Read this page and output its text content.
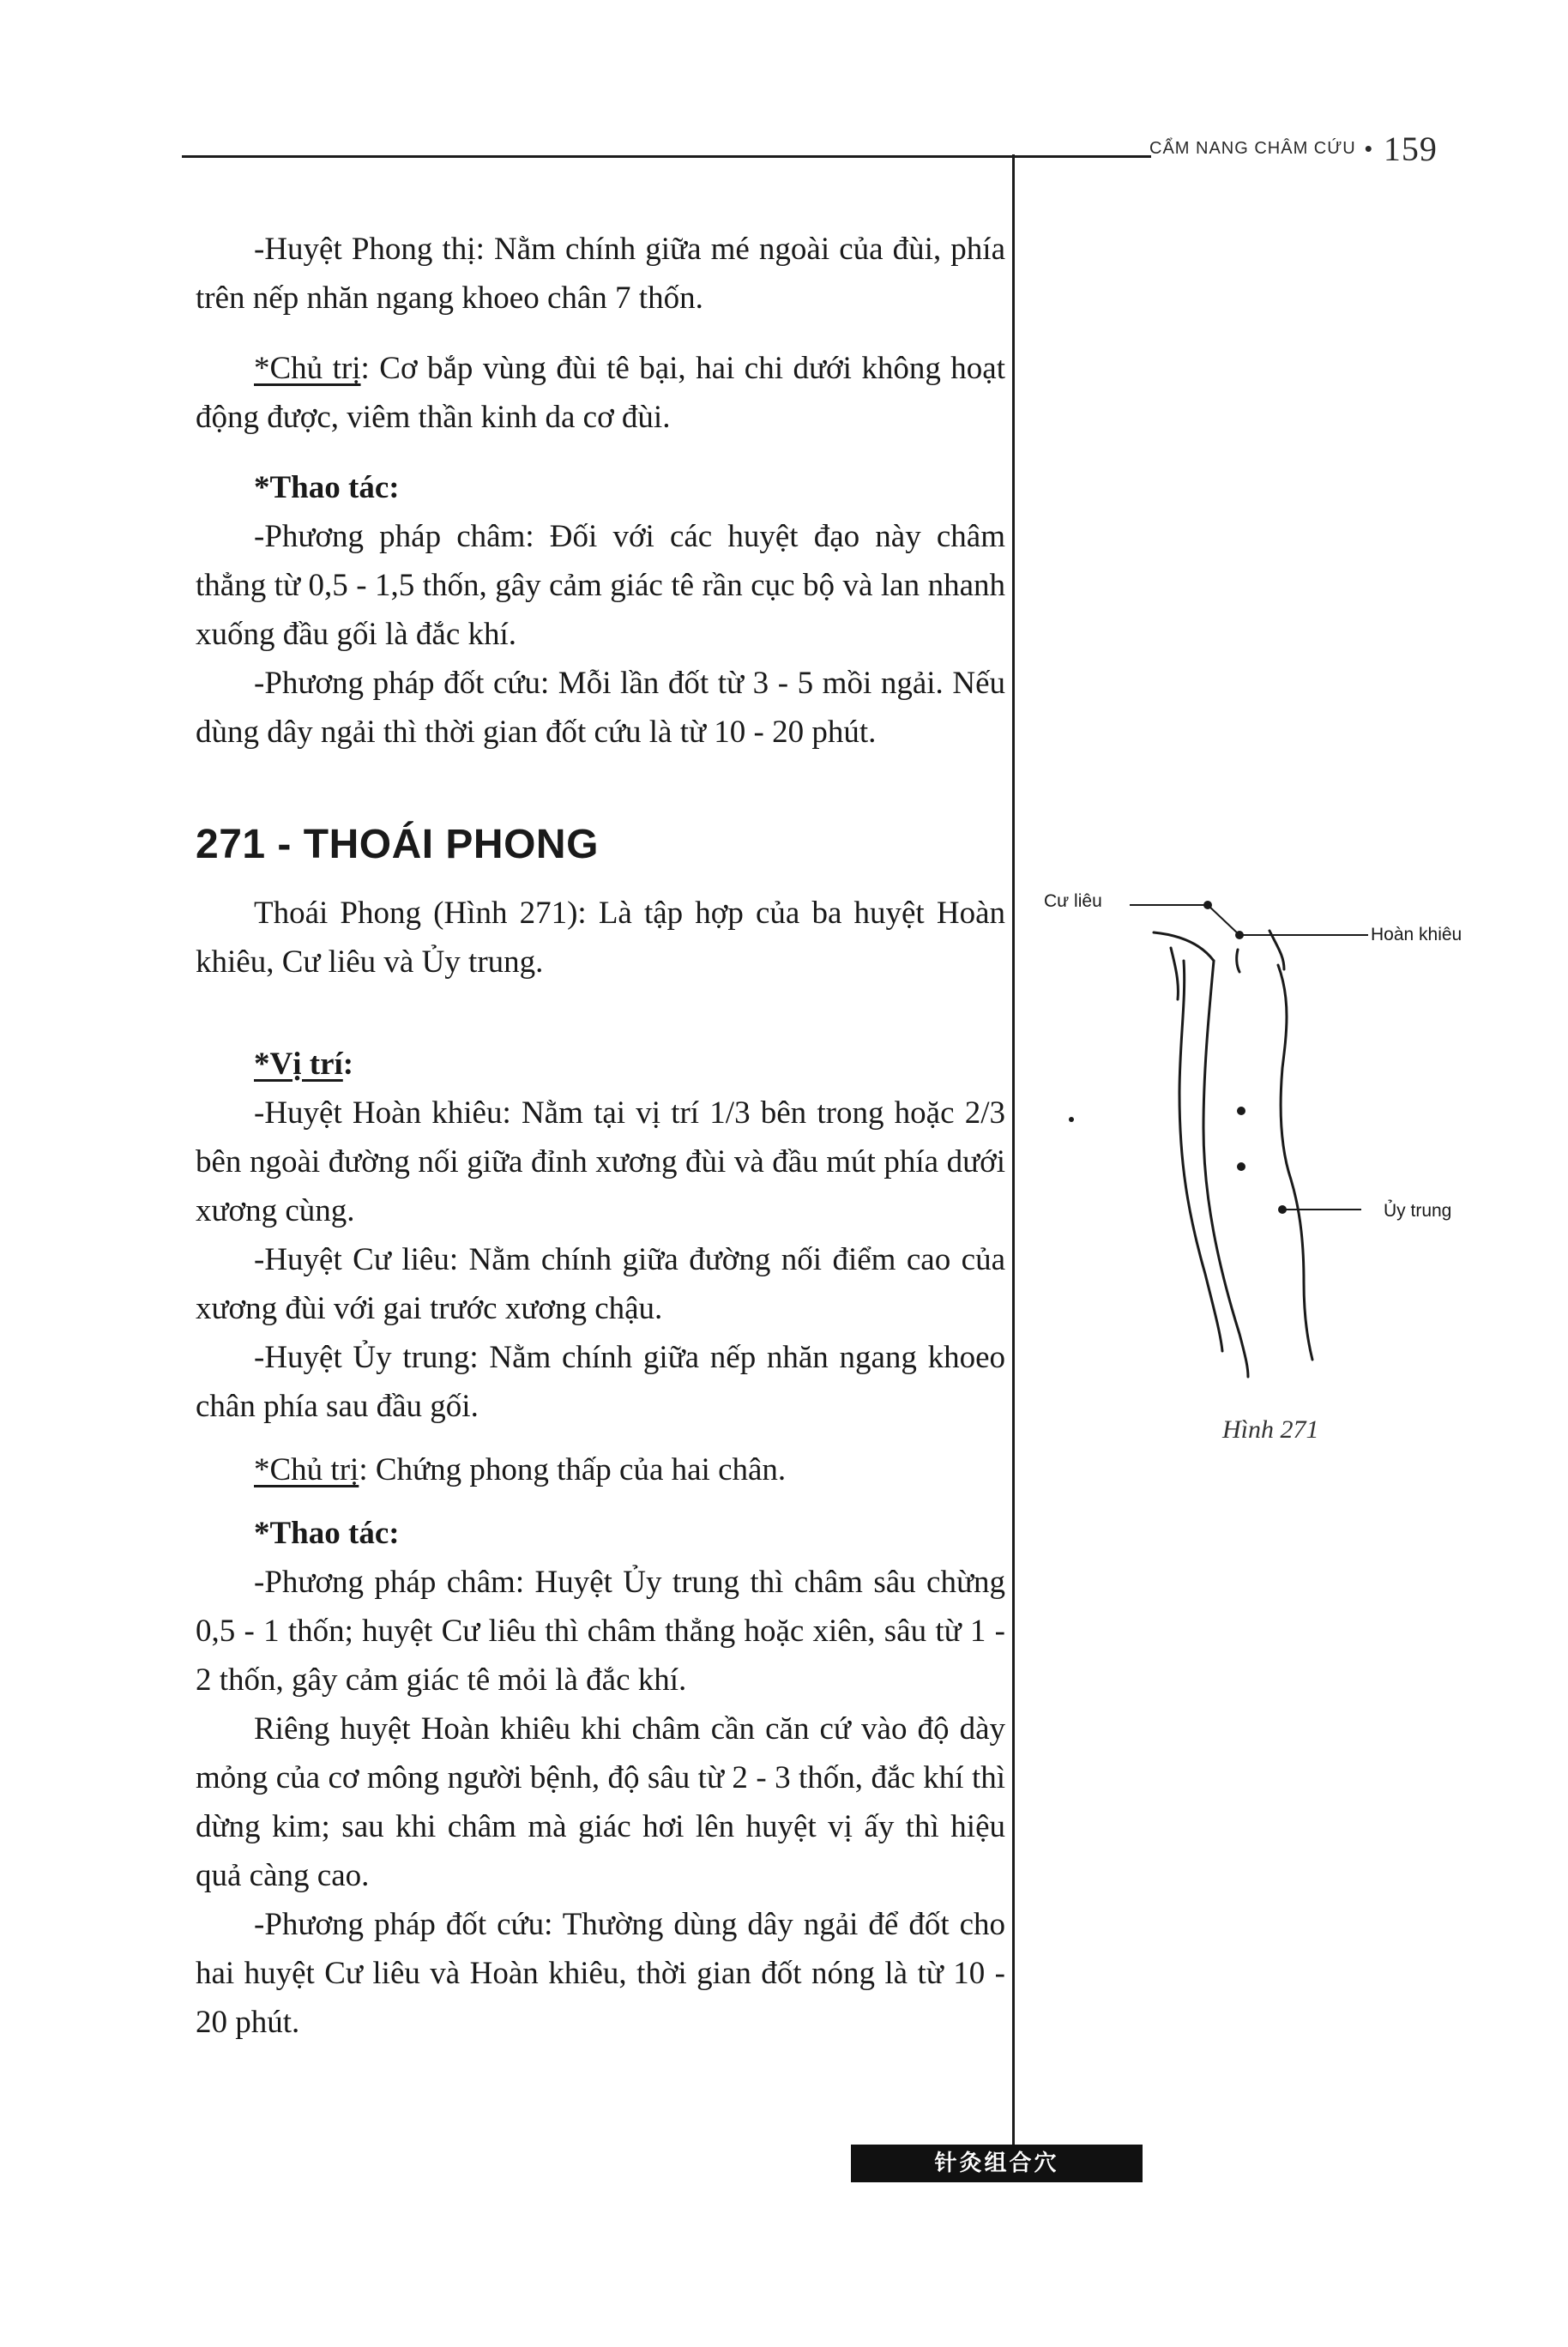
CẨM NANG CHÂM CỨU • 159

-Huyệt Phong thị: Nằm chính giữa mé ngoài của đùi, phía trên nếp nhăn ngang khoeo chân 7 thốn.

*Chủ trị: Cơ bắp vùng đùi tê bại, hai chi dưới không hoạt động được, viêm thần kinh da cơ đùi.

*Thao tác:

-Phương pháp châm: Đối với các huyệt đạo này châm thẳng từ 0,5 - 1,5 thốn, gây cảm giác tê rần cục bộ và lan nhanh xuống đầu gối là đắc khí.

-Phương pháp đốt cứu: Mỗi lần đốt từ 3 - 5 mồi ngải. Nếu dùng dây ngải thì thời gian đốt cứu là từ 10 - 20 phút.

271 - THOÁI PHONG

Thoái Phong (Hình 271): Là tập hợp của ba huyệt Hoàn khiêu, Cư liêu và Ủy trung.

*Vị trí:

-Huyệt Hoàn khiêu: Nằm tại vị trí 1/3 bên trong hoặc 2/3 bên ngoài đường nối giữa đỉnh xương đùi và đầu mút phía dưới xương cùng.

-Huyệt Cư liêu: Nằm chính giữa đường nối điểm cao của xương đùi với gai trước xương chậu.

-Huyệt Ủy trung: Nằm chính giữa nếp nhăn ngang khoeo chân phía sau đầu gối.

*Chủ trị: Chứng phong thấp của hai chân.

*Thao tác:

-Phương pháp châm: Huyệt Ủy trung thì châm sâu chừng 0,5 - 1 thốn; huyệt Cư liêu thì châm thẳng hoặc xiên, sâu từ 1 - 2 thốn, gây cảm giác tê mỏi là đắc khí.

Riêng huyệt Hoàn khiêu khi châm cần căn cứ vào độ dày mỏng của cơ mông người bệnh, độ sâu từ 2 - 3 thốn, đắc khí thì dừng kim; sau khi châm mà giác hơi lên huyệt vị ấy thì hiệu quả càng cao.

-Phương pháp đốt cứu: Thường dùng dây ngải để đốt cho hai huyệt Cư liêu và Hoàn khiêu, thời gian đốt nóng là từ 10 - 20 phút.

Cư liêu
Hoàn khiêu
Ủy trung
Hình 271
针灸组合穴
